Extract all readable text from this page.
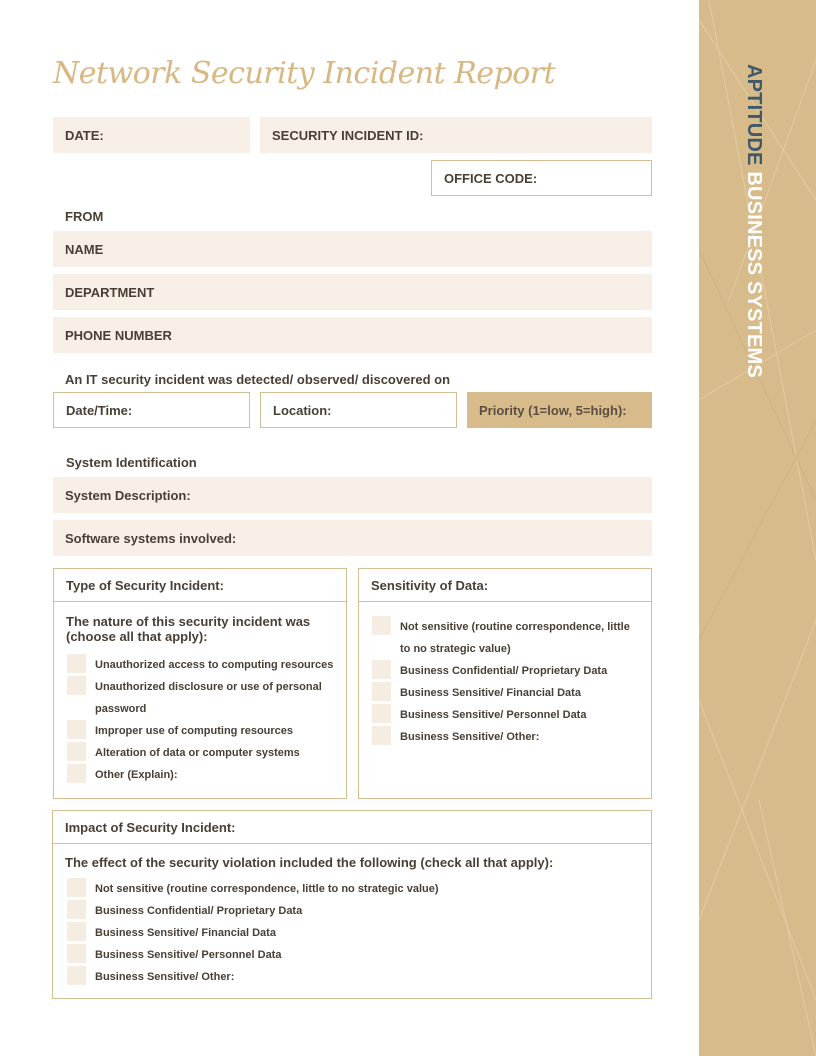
APTITUDE BUSINESS SYSTEMS
Network Security Incident Report
DATE:	SECURITY INCIDENT ID:
OFFICE CODE:
FROM
NAME
DEPARTMENT
PHONE NUMBER
An IT security incident was detected/ observed/ discovered on
Date/Time:	Location:	Priority (1=low, 5=high):
System Identification
System Description:
Software systems involved:
Type of Security Incident:
The nature of this security incident was (choose all that apply):
Unauthorized access to computing resources
Unauthorized disclosure or use of personal password
Improper use of computing resources
Alteration of data or computer systems
Other (Explain):
Sensitivity of Data:
Not sensitive (routine correspondence, little to no strategic value)
Business Confidential/ Proprietary Data
Business Sensitive/ Financial Data
Business Sensitive/ Personnel Data
Business Sensitive/ Other:
Impact of Security Incident:
The effect of the security violation included the following (check all that apply):
Not sensitive (routine correspondence, little to no strategic value)
Business Confidential/ Proprietary Data
Business Sensitive/ Financial Data
Business Sensitive/ Personnel Data
Business Sensitive/ Other:
